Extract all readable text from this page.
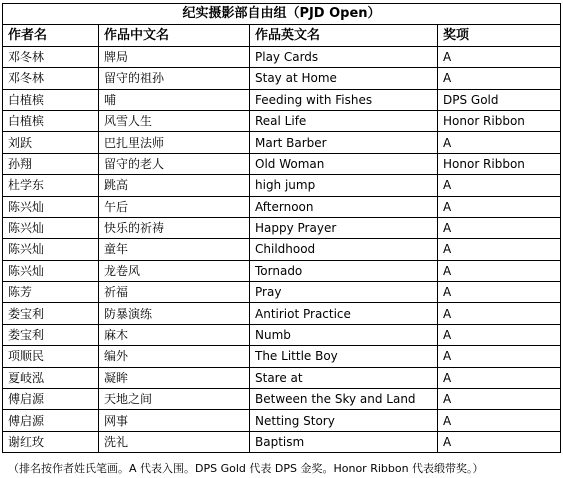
纪实摄影部自由组（PJD Open）			
作者名	作品中文名	作品英文名	奖项
邓冬林	牌局	Play Cards	A
邓冬林	留守的祖孙	Stay at Home	A
白植槟	哺	Feeding with Fishes	DPS Gold
白植槟	风雪人生	Real Life	Honor Ribbon
刘跃	巴扎里法师	Mart Barber	A
孙翔	留守的老人	Old Woman	Honor Ribbon
杜学东	跳高	high jump	A
陈兴灿	午后	Afternoon	A
陈兴灿	快乐的祈祷	Happy Prayer	A
陈兴灿	童年	Childhood	A
陈兴灿	龙卷风	Tornado	A
陈芳	祈福	Pray	A
娄宝利	防暴演练	Antiriot Practice	A
娄宝利	麻木	Numb	A
项顺民	编外	The Little Boy	A
夏岐泓	凝眸	Stare at	A
傅启源	天地之间	Between the Sky and Land	A
傅启源	网事	Netting Story	A
谢红玫	洗礼	Baptism	A
（排名按作者姓氏笔画。A 代表入围。DPS Gold 代表 DPS 金奖。Honor Ribbon 代表缎带奖。）
